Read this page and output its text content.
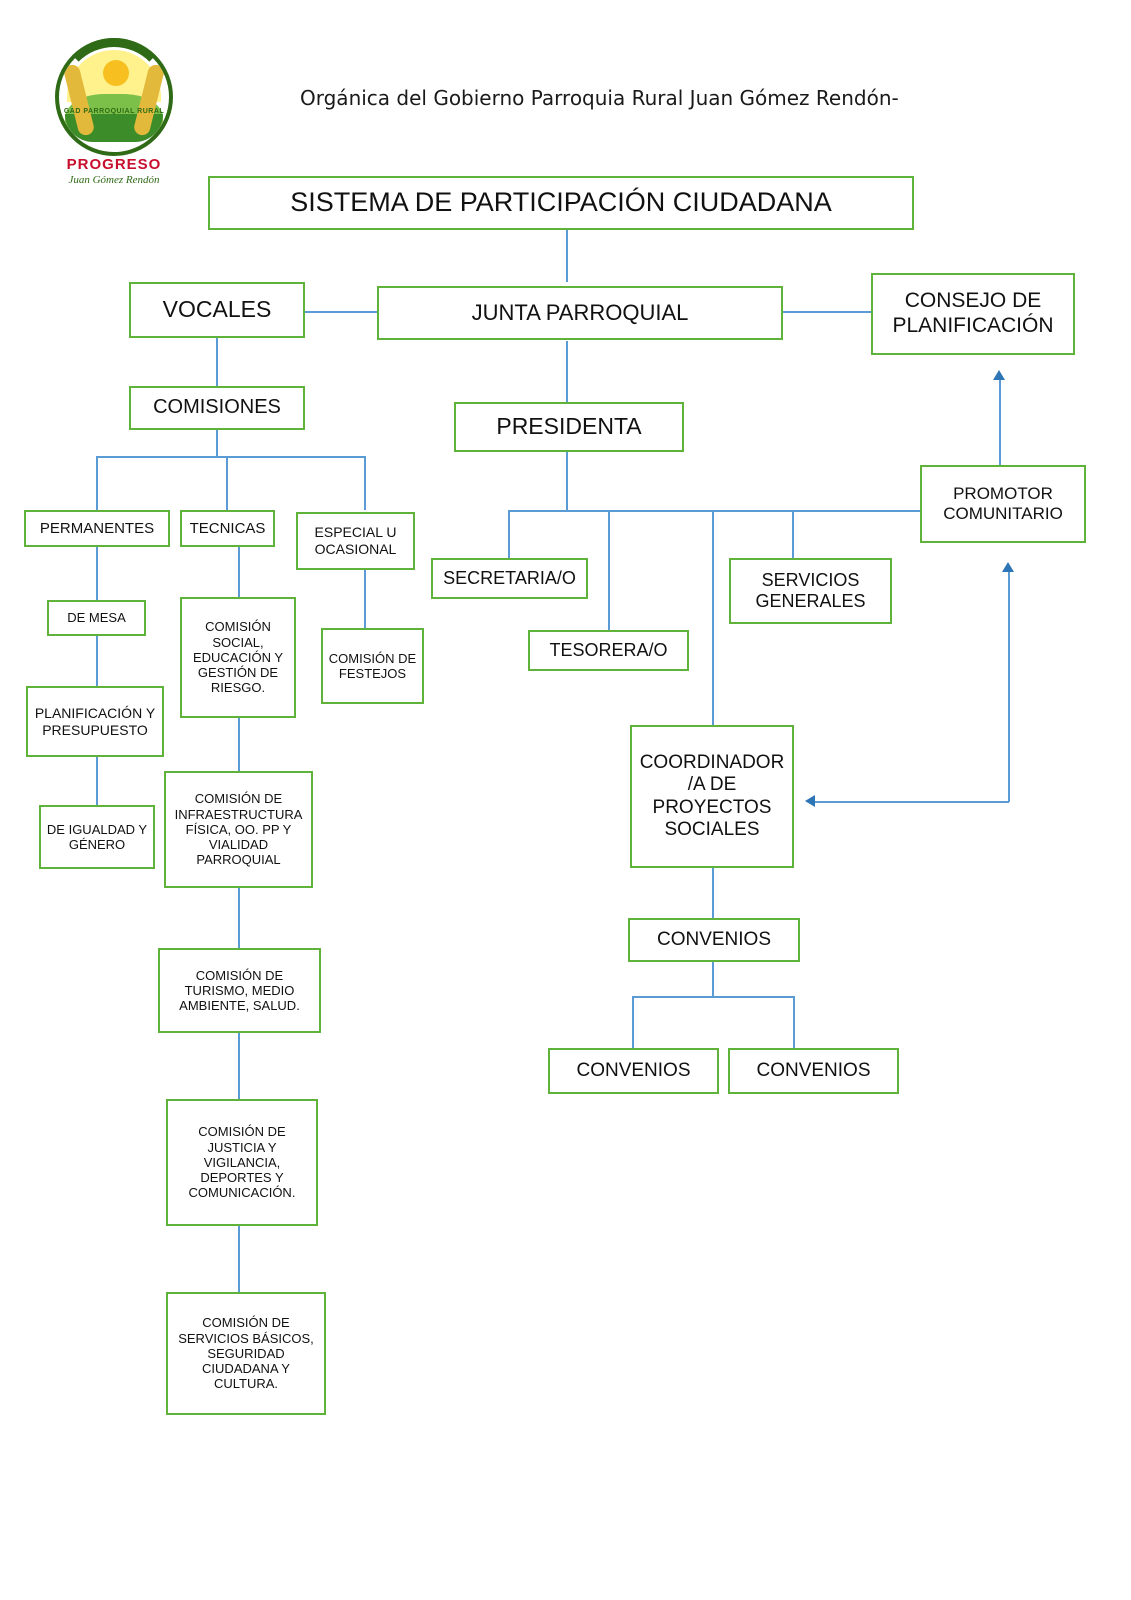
GAD PARROQUIAL RURAL
PROGRESO
Juan Gómez Rendón
Orgánica del Gobierno Parroquia Rural Juan Gómez Rendón-
SISTEMA DE PARTICIPACIÓN CIUDADANA
VOCALES	JUNTA PARROQUIAL	CONSEJO DE PLANIFICACIÓN
COMISIONES
PRESIDENTA
PERMANENTES	TECNICAS	ESPECIAL U OCASIONAL
PROMOTOR COMUNITARIO
SECRETARIA/O	SERVICIOS GENERALES
DE MESA
COMISIÓN SOCIAL, EDUCACIÓN Y GESTIÓN DE RIESGO.
COMISIÓN DE FESTEJOS
TESORERA/O
PLANIFICACIÓN Y PRESUPUESTO
DE IGUALDAD Y GÉNERO
COMISIÓN DE INFRAESTRUCTURA FÍSICA, OO. PP Y VIALIDAD PARROQUIAL
COORDINADOR /A DE PROYECTOS SOCIALES
COMISIÓN DE TURISMO, MEDIO AMBIENTE, SALUD.
CONVENIOS
CONVENIOS	CONVENIOS
COMISIÓN DE JUSTICIA Y VIGILANCIA, DEPORTES Y COMUNICACIÓN.
COMISIÓN DE SERVICIOS BÁSICOS, SEGURIDAD CIUDADANA Y CULTURA.
